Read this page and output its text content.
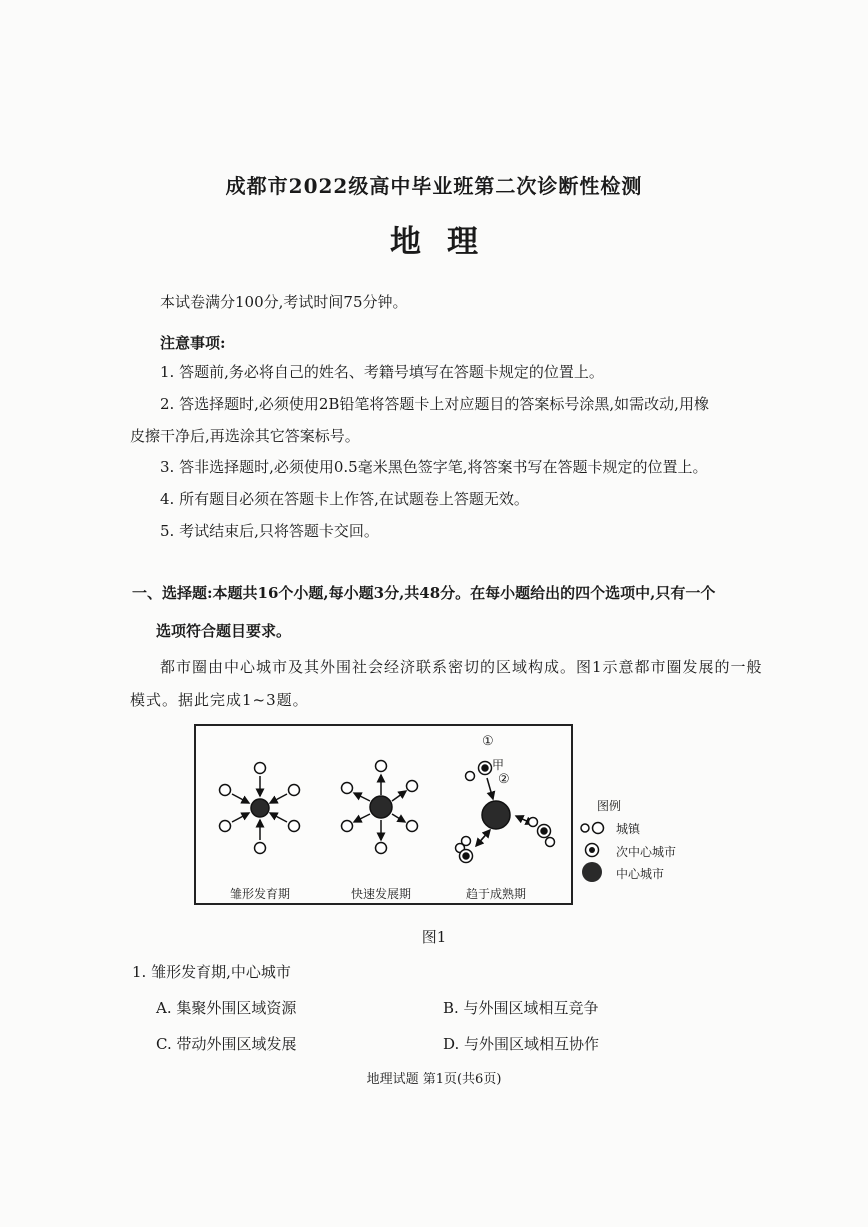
成都市2022级高中毕业班第二次诊断性检测
地理
本试卷满分100分,考试时间75分钟。
注意事项:
1. 答题前,务必将自己的姓名、考籍号填写在答题卡规定的位置上。
2. 答选择题时,必须使用2B铅笔将答题卡上对应题目的答案标号涂黑,如需改动,用橡
皮擦干净后,再选涂其它答案标号。
3. 答非选择题时,必须使用0.5毫米黑色签字笔,将答案书写在答题卡规定的位置上。
4. 所有题目必须在答题卡上作答,在试题卷上答题无效。
5. 考试结束后,只将答题卡交回。
一、选择题:本题共16个小题,每小题3分,共48分。在每小题给出的四个选项中,只有一个
选项符合题目要求。
都市圈由中心城市及其外围社会经济联系密切的区域构成。图1示意都市圈发展的一般
模式。据此完成1~3题。
①
甲
②
雏形发育期	快速发展期	趋于成熟期
图例
城镇
次中心城市
中心城市
图1
1. 雏形发育期,中心城市
A. 集聚外围区域资源	B. 与外围区域相互竞争
C. 带动外围区域发展	D. 与外围区域相互协作
地理试题 第1页(共6页)
